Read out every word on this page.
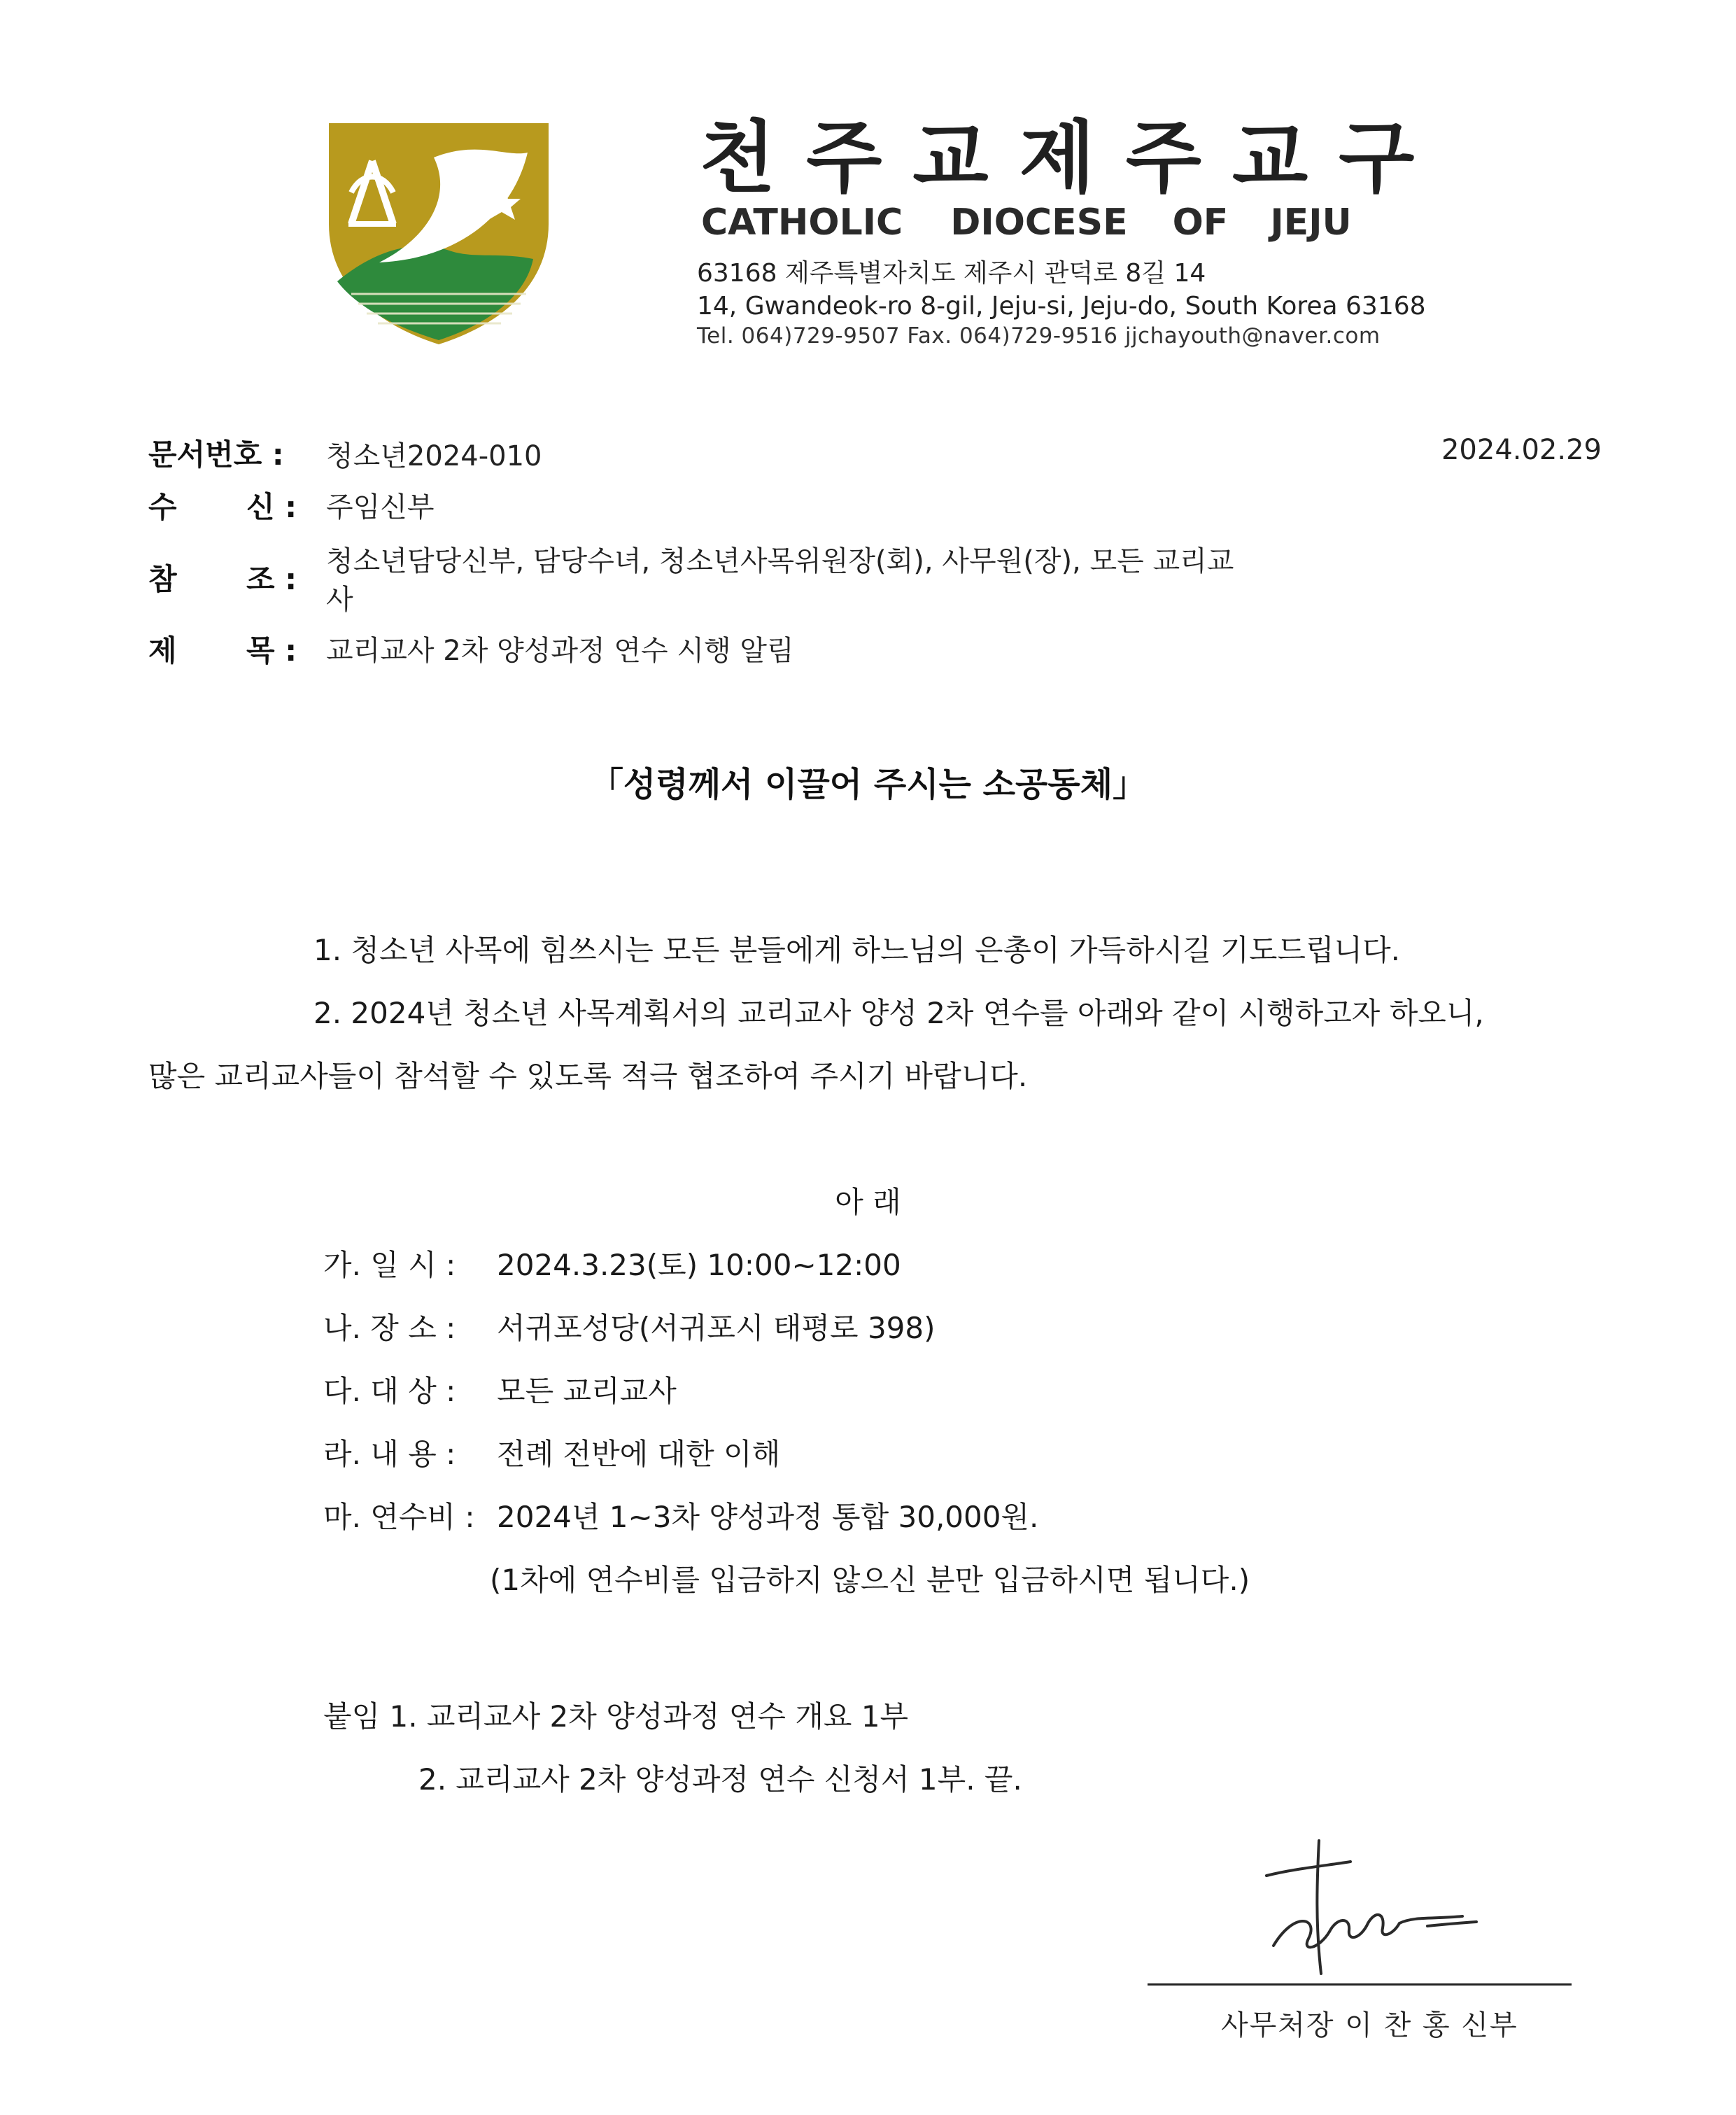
천주교제주교구
CATHOLIC DIOCESE OF JEJU
63168 제주특별자치도 제주시 관덕로 8길 14
14, Gwandeok-ro 8-gil, Jeju-si, Jeju-do, South Korea 63168
Tel. 064)729-9507 Fax. 064)729-9516 jjchayouth@naver.com
문서번호 : 청소년2024-010	2024.02.29
수 신 : 주임신부
참 조 :
청소년담당신부, 담당수녀, 청소년사목위원장(회), 사무원(장), 모든 교리교
사
제 목 : 교리교사 2차 양성과정 연수 시행 알림
「성령께서 이끌어 주시는 소공동체」
1. 청소년 사목에 힘쓰시는 모든 분들에게 하느님의 은총이 가득하시길 기도드립니다.
2. 2024년 청소년 사목계획서의 교리교사 양성 2차 연수를 아래와 같이 시행하고자 하오니,
많은 교리교사들이 참석할 수 있도록 적극 협조하여 주시기 바랍니다.
아 래
가. 일 시 : 2024.3.23(토) 10:00~12:00
나. 장 소 : 서귀포성당(서귀포시 태평로 398)
다. 대 상 : 모든 교리교사
라. 내 용 : 전례 전반에 대한 이해
마. 연수비 : 2024년 1~3차 양성과정 통합 30,000원.
(1차에 연수비를 입금하지 않으신 분만 입금하시면 됩니다.)
붙임 1. 교리교사 2차 양성과정 연수 개요 1부
2. 교리교사 2차 양성과정 연수 신청서 1부. 끝.
사무처장 이 찬 홍 신부
